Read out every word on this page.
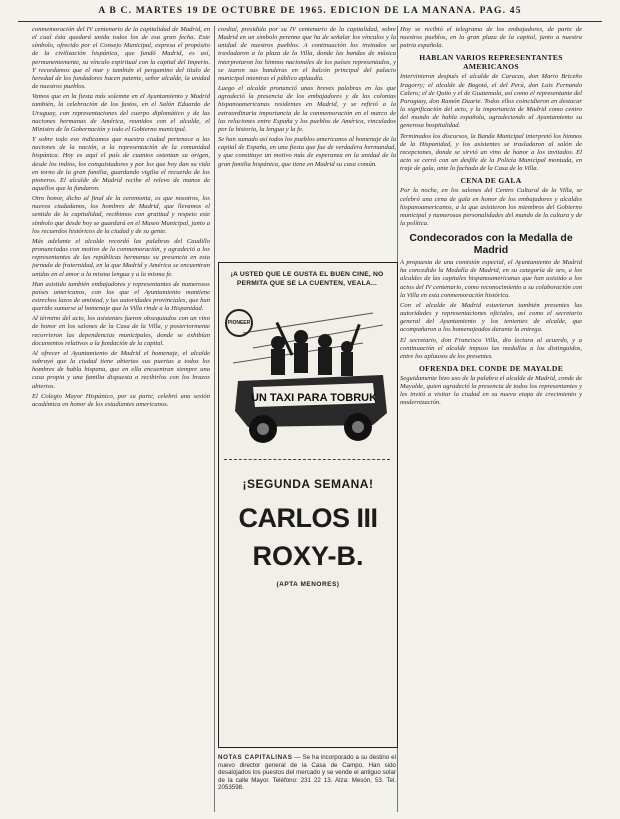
A B C. MARTES 19 DE OCTUBRE DE 1965. EDICION DE LA MAÑANA. PAG. 45

conmemoración del IV centenario de la capitalidad de Madrid, en el cual ésta quedará unida todos los de esa gran fecha. Este símbolo, ofrecido por el Consejo Municipal, expresa el propósito de la civilización hispánica, que fundó Madrid, es así, permanentemente, su vínculo espiritual con la capital del Imperio. Y recordamos que el mar y también el pergamino del título de heredad de los fundadores hacen patente, señor alcalde, la unidad de nuestros pueblos.

Vamos que en la fiesta más solemne en el Ayuntamiento y Madrid también, la celebración de los fastos, en el Salón Eduardo de Uruguay, con representaciones del cuerpo diplomático y de las naciones hermanas de América, reunidos con el alcalde, el Ministro de la Gobernación y todo el Gobierno municipal.

Y sobre todo eso indicamos que nuestra ciudad pertenece a las naciones de la nación, a la representación de la comunidad hispánica. Hoy es aquí el país de cuantos ostentan su origen, desde los indios, los conquistadores y por los que hoy dan su vida en torno de la gran familia, guardando vigilia el recuerdo de los pioneros. El alcalde de Madrid recibe el relevo de manos de aquellos que la fundaron.

Otro honor, dicho al final de la ceremonia, es que nosotros, los nuevos ciudadanos, los hombres de Madrid, que llevamos el sentido de la capitalidad, recibimos con gratitud y respeto este símbolo que desde hoy se guardará en el Museo Municipal, junto a los recuerdos históricos de la ciudad y de su gente.

Más adelante el alcalde recordó las palabras del Caudillo pronunciadas con motivo de la conmemoración, y agradeció a los representantes de las repúblicas hermanas su presencia en esta jornada de fraternidad, en la que Madrid y América se encuentran unidas en el amor a la misma lengua y a la misma fe.

Han asistido también embajadores y representantes de numerosos países americanos, con los que el Ayuntamiento mantiene estrechos lazos de amistad, y las autoridades provinciales, que han querido sumarse al homenaje que la Villa rinde a la Hispanidad.

Al término del acto, los asistentes fueron obsequiados con un vino de honor en los salones de la Casa de la Villa, y posteriormente recorrieron las dependencias municipales, donde se exhibían documentos relativos a la fundación de la capital.

Al ofrecer el Ayuntamiento de Madrid el homenaje, el alcalde subrayó que la ciudad tiene abiertas sus puertas a todos los hombres de habla hispana, que en ella encuentran siempre una casa propia y una familia dispuesta a recibirlos con los brazos abiertos.

El Colegio Mayor Hispánico, por su parte, celebró una sesión académica en honor de los estudiantes americanos.

cordial, presidida por su IV centenario de la capitalidad, sobre Madrid en un símbolo perenne que ha de señalar los vínculos y la unidad de nuestros pueblos. A continuación los invitados se trasladaron a la plaza de la Villa, donde las bandas de música interpretaron los himnos nacionales de los países representados, y se izaron sus banderas en el balcón principal del palacio municipal mientras el público aplaudía.

Luego el alcalde pronunció unas breves palabras en las que agradeció la presencia de los embajadores y de las colonias hispanoamericanas residentes en Madrid, y se refirió a la extraordinaria importancia de la conmemoración en el marco de las relaciones entre España y los pueblos de América, vinculados por la historia, la lengua y la fe.

Se han sumado así todos los pueblos americanos al homenaje de la capital de España, en una fiesta que fue de verdadera hermandad, y que constituye un motivo más de esperanza en la unidad de la gran familia hispánica, que tiene en Madrid su casa común.

¡A USTED QUE LE GUSTA EL BUEN CINE, NO PERMITA QUE SE LA CUENTEN, VEALA...
UN TAXI PARA TOBRUK
PIONEER
¡SEGUNDA SEMANA!
CARLOS III
ROXY-B.
(APTA MENORES)

NOTAS CAPITALINAS — Se ha incorporado a su destino el nuevo director general de la Casa de Campo. Han sido desalojados los puestos del mercado y se vende el antiguo solar de la calle Mayor. Teléfono: 231 22 13. Alza: Mesón, 53. Tel. 2053598.

Hoy se recibió el telegrama de los embajadores, de parte de nuestros pueblos, en la gran plaza de la capital, junto a nuestra patria española.

HABLAN VARIOS REPRESENTANTES AMERICANOS

Intervinieron después el alcalde de Caracas, don Mario Briceño Iragorry; el alcalde de Bogotá, el del Perú, don Luis Fernando Calero; el de Quito y el de Guatemala, así como el representante del Paraguay, don Ramón Duarte. Todos ellos coincidieron en destacar la significación del acto, y la importancia de Madrid como centro del mundo de habla española, agradeciendo al Ayuntamiento su generosa hospitalidad.

Terminados los discursos, la Banda Municipal interpretó los himnos de la Hispanidad, y los asistentes se trasladaron al salón de recepciones, donde se sirvió un vino de honor a los invitados. El acto se cerró con un desfile de la Policía Municipal montada, en traje de gala, ante la fachada de la Casa de la Villa.

CENA DE GALA

Por la noche, en los salones del Centro Cultural de la Villa, se celebró una cena de gala en honor de los embajadores y alcaldes hispanoamericanos, a la que asistieron los miembros del Gobierno municipal y numerosas personalidades del mundo de la cultura y de la política.

Condecorados con la Medalla de Madrid

A propuesta de una comisión especial, el Ayuntamiento de Madrid ha concedido la Medalla de Madrid, en su categoría de oro, a los alcaldes de las capitales hispanoamericanas que han asistido a los actos del IV centenario, como reconocimiento a su colaboración con la Villa en esta conmemoración histórica.

Con el alcalde de Madrid estuvieron también presentes las autoridades y representaciones oficiales, así como el secretario general del Ayuntamiento y los tenientes de alcalde, que acompañaron a los homenajeados durante la entrega.

El secretario, don Francisco Villa, dio lectura al acuerdo, y a continuación el alcalde impuso las medallas a los distinguidos, entre los aplausos de los presentes.

OFRENDA DEL CONDE DE MAYALDE

Seguidamente hizo uso de la palabra el alcalde de Madrid, conde de Mayalde, quien agradeció la presencia de todos los representantes y les invitó a visitar la ciudad en su nueva etapa de crecimiento y modernización.
